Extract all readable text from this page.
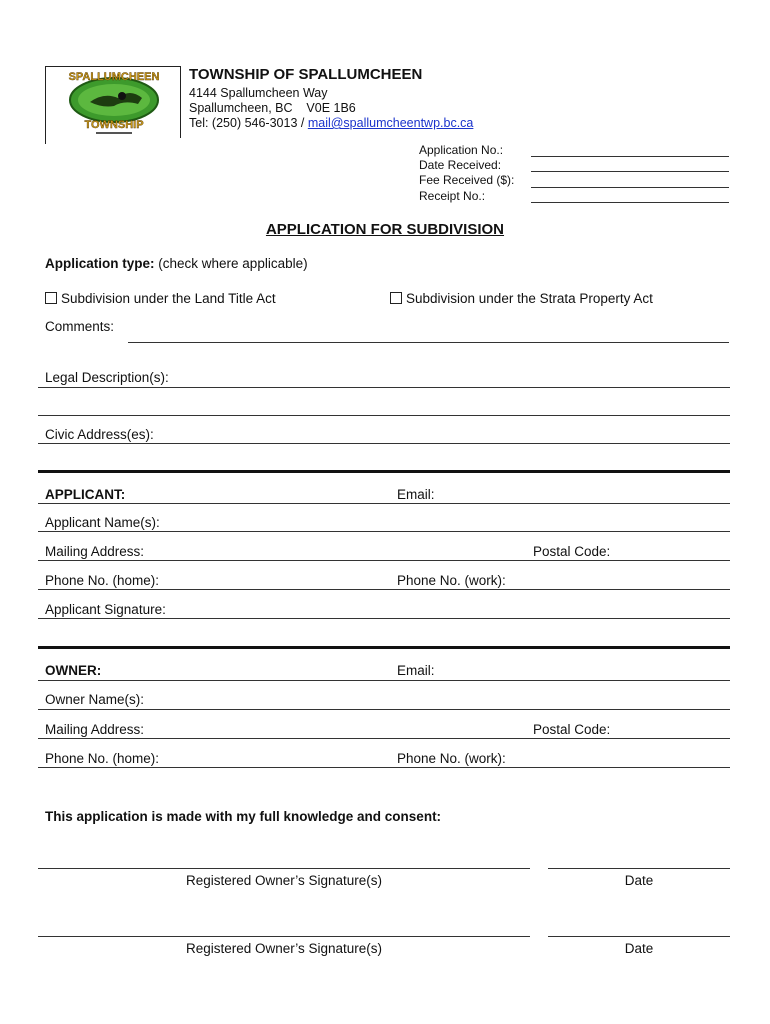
SPALLUMCHEEN
TOWNSHIP
TOWNSHIP OF SPALLUMCHEEN
4144 Spallumcheen Way
Spallumcheen, BC    V0E 1B6
Tel: (250) 546-3013 / mail@spallumcheentwp.bc.ca
Application No.:
Date Received:
Fee Received ($):
Receipt No.:
APPLICATION FOR SUBDIVISION
Application type: (check where applicable)
Subdivision under the Land Title Act	Subdivision under the Strata Property Act
Comments:
Legal Description(s):
Civic Address(es):
APPLICANT:	Email:
Applicant Name(s):
Mailing Address:	Postal Code:
Phone No. (home):	Phone No. (work):
Applicant Signature:
OWNER:	Email:
Owner Name(s):
Mailing Address:	Postal Code:
Phone No. (home):	Phone No. (work):
This application is made with my full knowledge and consent:
Registered Owner’s Signature(s)	Date
Registered Owner’s Signature(s)	Date
